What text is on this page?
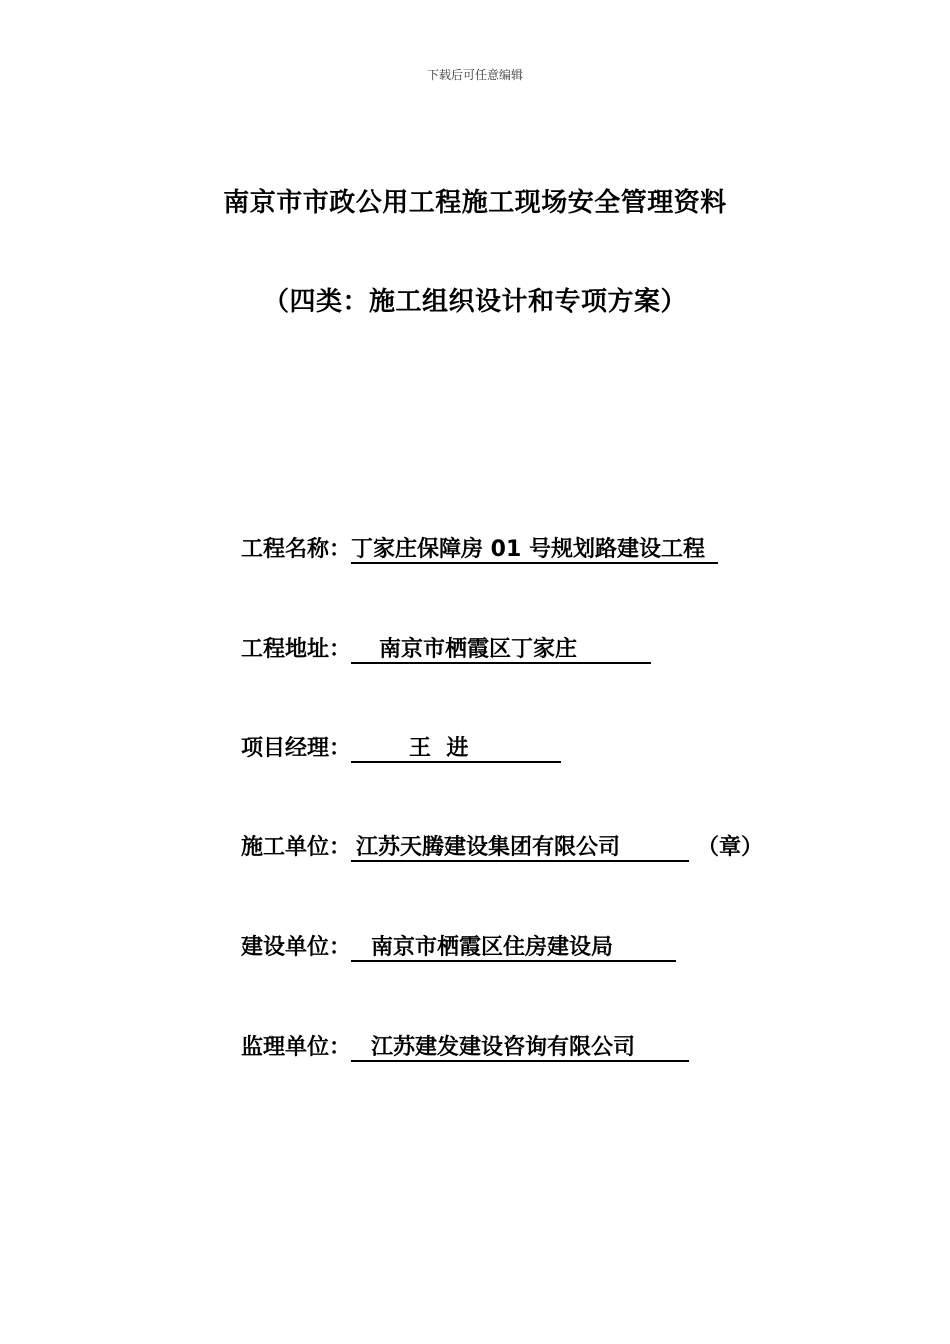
下载后可任意编辑
南京市市政公用工程施工现场安全管理资料
（四类：施工组织设计和专项方案）
工程名称： 丁家庄保障房 01 号规划路建设工程
工程地址：	南京市栖霞区丁家庄
项目经理：	王  进
施工单位： 江苏天腾建设集团有限公司	（章）
建设单位： 南京市栖霞区住房建设局
监理单位： 江苏建发建设咨询有限公司
